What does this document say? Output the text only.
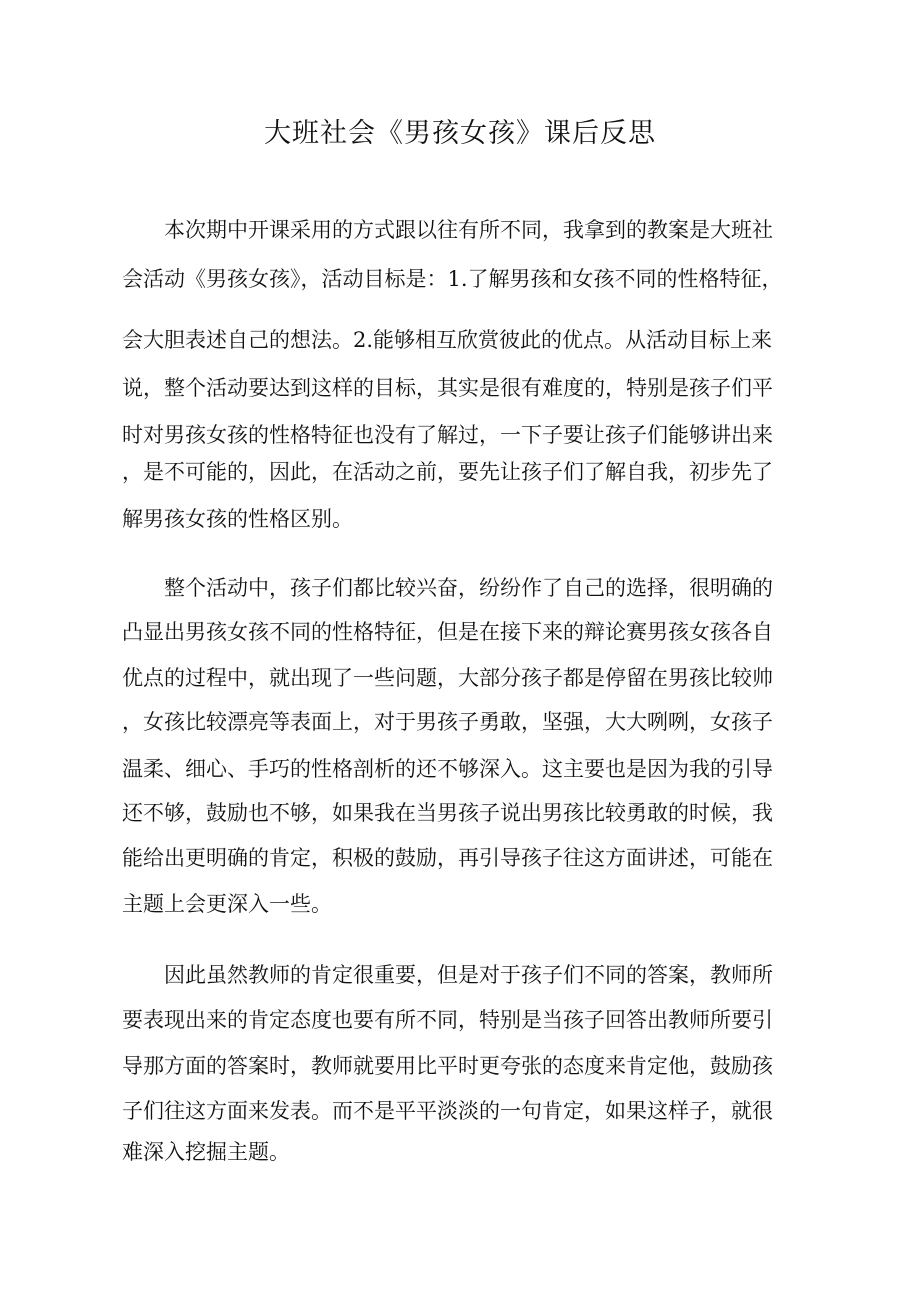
大班社会《男孩女孩》课后反思
本次期中开课采用的方式跟以往有所不同，我拿到的教案是大班社
会活动《男孩女孩》，活动目标是：1.了解男孩和女孩不同的性格特征，
会大胆表述自己的想法。2.能够相互欣赏彼此的优点。从活动目标上来
说，整个活动要达到这样的目标，其实是很有难度的，特别是孩子们平
时对男孩女孩的性格特征也没有了解过，一下子要让孩子们能够讲出来
，是不可能的，因此，在活动之前，要先让孩子们了解自我，初步先了
解男孩女孩的性格区别。
整个活动中，孩子们都比较兴奋，纷纷作了自己的选择，很明确的
凸显出男孩女孩不同的性格特征，但是在接下来的辩论赛男孩女孩各自
优点的过程中，就出现了一些问题，大部分孩子都是停留在男孩比较帅
，女孩比较漂亮等表面上，对于男孩子勇敢，坚强，大大咧咧，女孩子
温柔、细心、手巧的性格剖析的还不够深入。这主要也是因为我的引导
还不够，鼓励也不够，如果我在当男孩子说出男孩比较勇敢的时候，我
能给出更明确的肯定，积极的鼓励，再引导孩子往这方面讲述，可能在
主题上会更深入一些。
因此虽然教师的肯定很重要，但是对于孩子们不同的答案，教师所
要表现出来的肯定态度也要有所不同，特别是当孩子回答出教师所要引
导那方面的答案时，教师就要用比平时更夸张的态度来肯定他，鼓励孩
子们往这方面来发表。而不是平平淡淡的一句肯定，如果这样子，就很
难深入挖掘主题。
